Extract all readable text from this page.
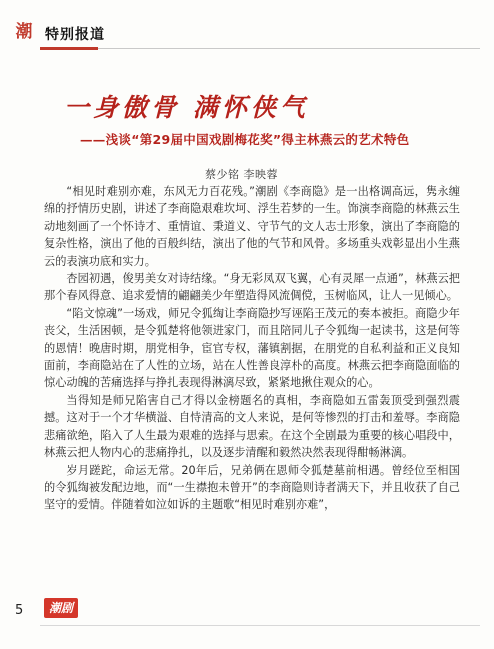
潮 特别报道
一身傲骨 满怀侠气
——浅谈“第29届中国戏剧梅花奖”得主林燕云的艺术特色
蔡少铭 李映蓉

“相见时难别亦难，东风无力百花残。”潮剧《李商隐》是一出格调高远，隽永缠绵的抒情历史剧，讲述了李商隐艰难坎坷、浮生若梦的一生。饰演李商隐的林燕云生动地刻画了一个怀诗才、重情谊、秉道义、守节气的文人志士形象，演出了李商隐的复杂性格，演出了他的百般纠结，演出了他的气节和风骨。多场重头戏彰显出小生燕云的表演功底和实力。

杏园初遇，俊男美女对诗结缘。“身无彩凤双飞翼，心有灵犀一点通”，林燕云把那个春风得意、追求爱情的翩翩美少年塑造得风流倜傥，玉树临风，让人一见倾心。

“陷文惊魂”一场戏，师兄令狐绹让李商隐抄写诬陷王茂元的奏本被拒。商隐少年丧父，生活困顿，是令狐楚将他领进家门，而且陪同儿子令狐绹一起读书，这是何等的恩情！晚唐时期，朋党相争，宦官专权，藩镇割据，在朋党的自私利益和正义良知面前，李商隐站在了人性的立场，站在人性善良淳朴的高度。林燕云把李商隐面临的惊心动魄的苦痛选择与挣扎表现得淋漓尽致，紧紧地揪住观众的心。

当得知是师兄陷害自己才得以金榜题名的真相，李商隐如五雷轰顶受到强烈震撼。这对于一个才华横溢、自恃清高的文人来说，是何等惨烈的打击和羞辱。李商隐悲痛欲绝，陷入了人生最为艰难的选择与思索。在这个全剧最为重要的核心唱段中，林燕云把人物内心的悲痛挣扎，以及逐步清醒和毅然决然表现得酣畅淋漓。

岁月蹉跎，命运无常。20年后，兄弟俩在恩师令狐楚墓前相遇。曾经位至相国的令狐绹被发配边地，而“一生襟抱未曾开”的李商隐则诗者满天下，并且收获了自己坚守的爱情。伴随着如泣如诉的主题歌“相见时难别亦难”，

5	潮剧
